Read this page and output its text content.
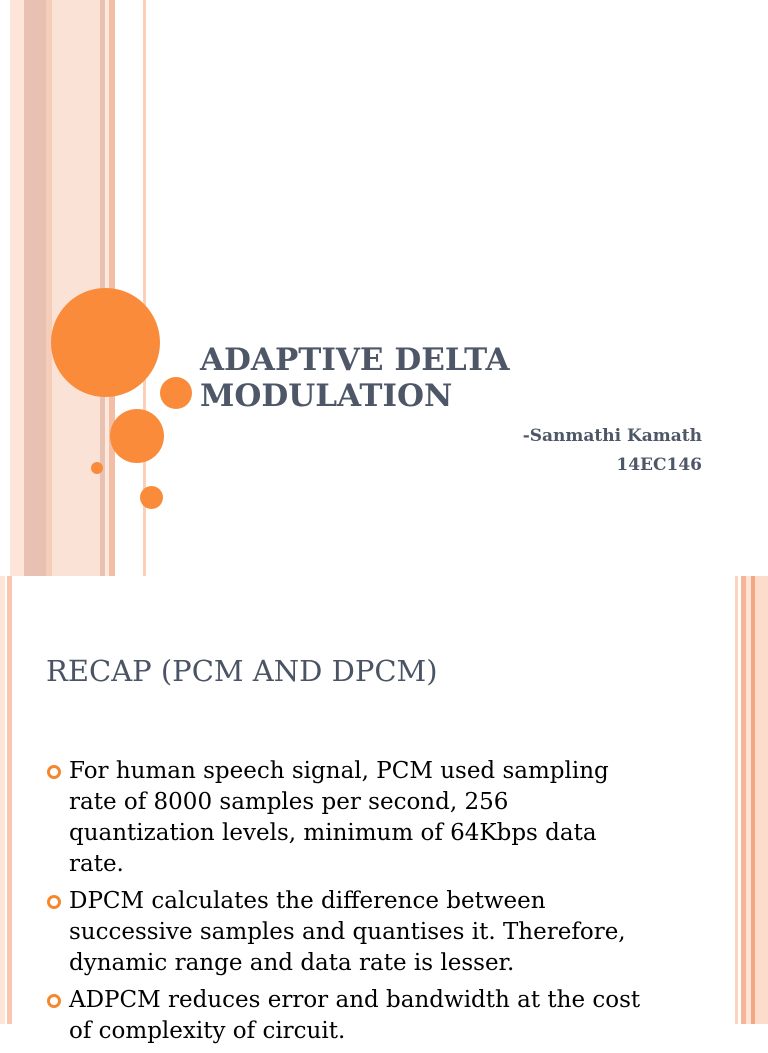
ADAPTIVE DELTA
MODULATION
-Sanmathi Kamath
14EC146
RECAP (PCM AND DPCM)
For human speech signal, PCM used sampling rate of 8000 samples per second, 256 quantization levels, minimum of 64Kbps data rate.
DPCM calculates the difference between successive samples and quantises it. Therefore, dynamic range and data rate is lesser.
ADPCM reduces error and bandwidth at the cost of complexity of circuit.
